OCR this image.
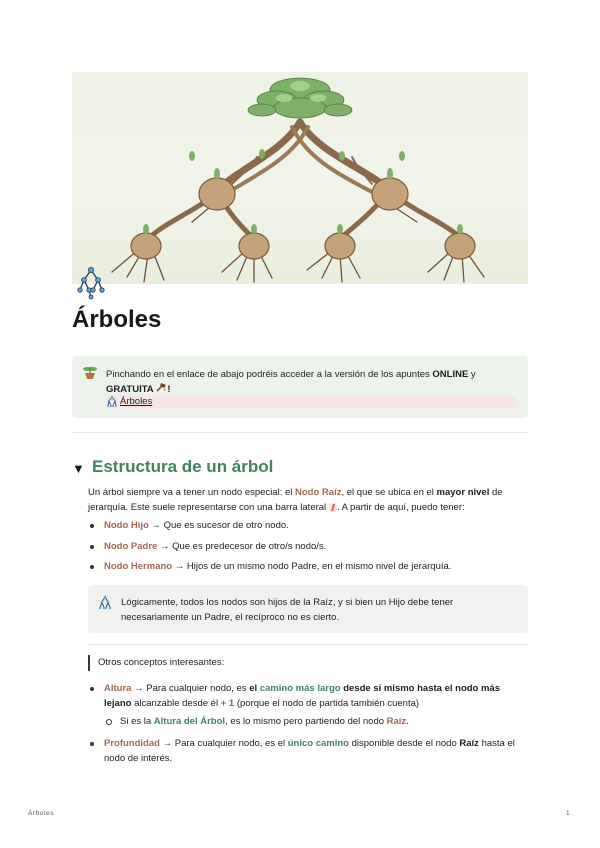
Árboles
Pinchando en el enlace de abajo podréis acceder a la versión de los apuntes ONLINE y GRATUITA !
Árboles
▼ Estructura de un árbol
Un árbol siempre va a tener un nodo especial: el Nodo Raíz, el que se ubica en el mayor nivel de jerarquía. Este suele representarse con una barra lateral . A partir de aquí, puedo tener:
Nodo Hijo → Que es sucesor de otro nodo.
Nodo Padre → Que es predecesor de otro/s nodo/s.
Nodo Hermano → Hijos de un mismo nodo Padre, en el mismo nivel de jerarquía.
Lógicamente, todos los nodos son hijos de la Raíz, y si bien un Hijo debe tener necesariamente un Padre, el recíproco no es cierto.
Otros conceptos interesantes:
Altura → Para cualquier nodo, es el camino más largo desde sí mismo hasta el nodo más lejano alcanzable desde él + 1 (porque el nodo de partida también cuenta)
Si es la Altura del Árbol, es lo mismo pero partiendo del nodo Raíz.
Profundidad → Para cualquier nodo, es el único camino disponible desde el nodo Raíz hasta el nodo de interés.
Árboles	1
